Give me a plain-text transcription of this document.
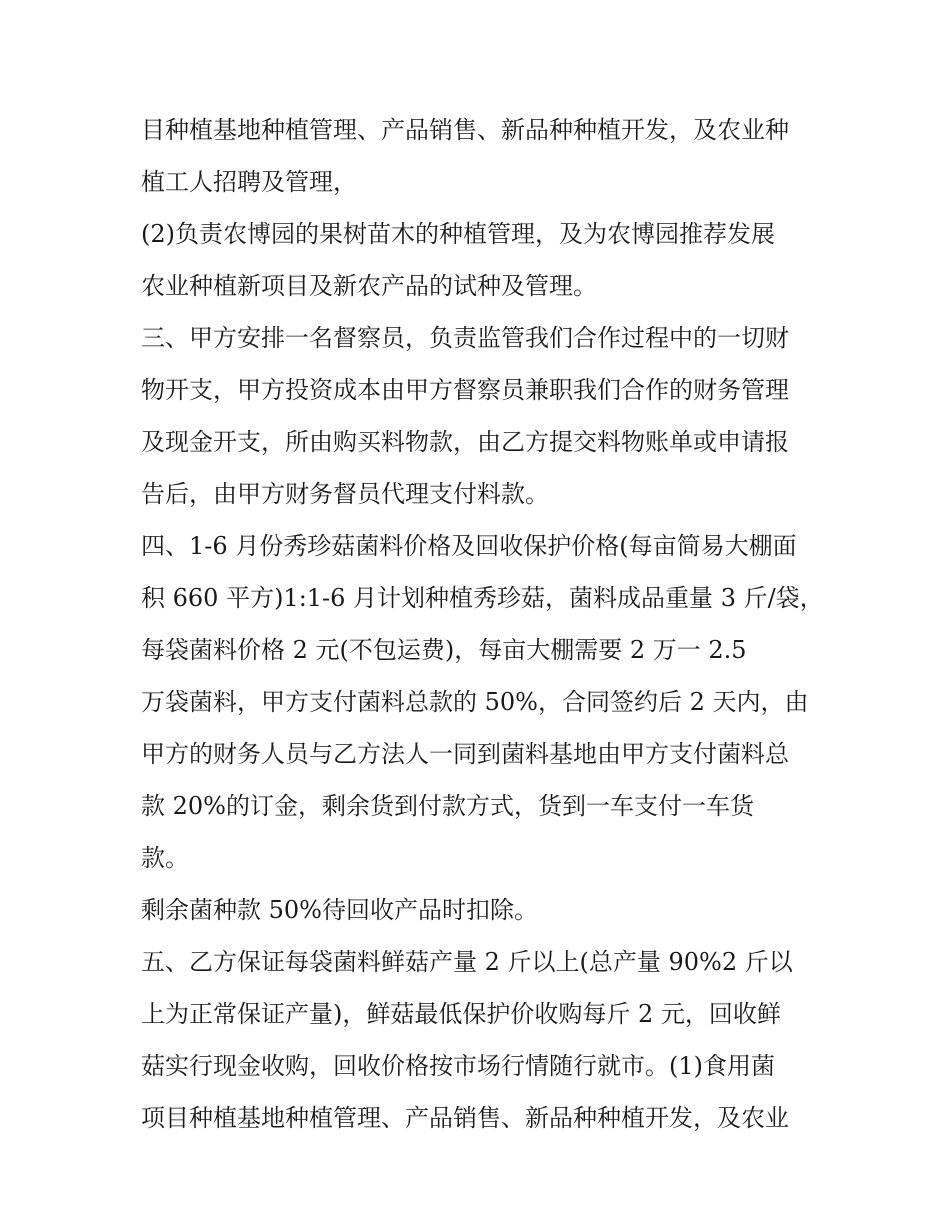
目种植基地种植管理、产品销售、新品种种植开发，及农业种
植工人招聘及管理，
(2)负责农博园的果树苗木的种植管理，及为农博园推荐发展
农业种植新项目及新农产品的试种及管理。
三、甲方安排一名督察员，负责监管我们合作过程中的一切财
物开支，甲方投资成本由甲方督察员兼职我们合作的财务管理
及现金开支，所由购买料物款，由乙方提交料物账单或申请报
告后，由甲方财务督员代理支付料款。
四、1-6 月份秀珍菇菌料价格及回收保护价格(每亩简易大棚面
积 660 平方)1:1-6 月计划种植秀珍菇，菌料成品重量 3 斤/袋，
每袋菌料价格 2 元(不包运费)，每亩大棚需要 2 万一 2.5
万袋菌料，甲方支付菌料总款的 50%，合同签约后 2 天内，由
甲方的财务人员与乙方法人一同到菌料基地由甲方支付菌料总
款 20%的订金，剩余货到付款方式，货到一车支付一车货
款。
剩余菌种款 50%待回收产品时扣除。
五、乙方保证每袋菌料鲜菇产量 2 斤以上(总产量 90%2 斤以
上为正常保证产量)，鲜菇最低保护价收购每斤 2 元，回收鲜
菇实行现金收购，回收价格按市场行情随行就市。(1)食用菌
项目种植基地种植管理、产品销售、新品种种植开发，及农业
